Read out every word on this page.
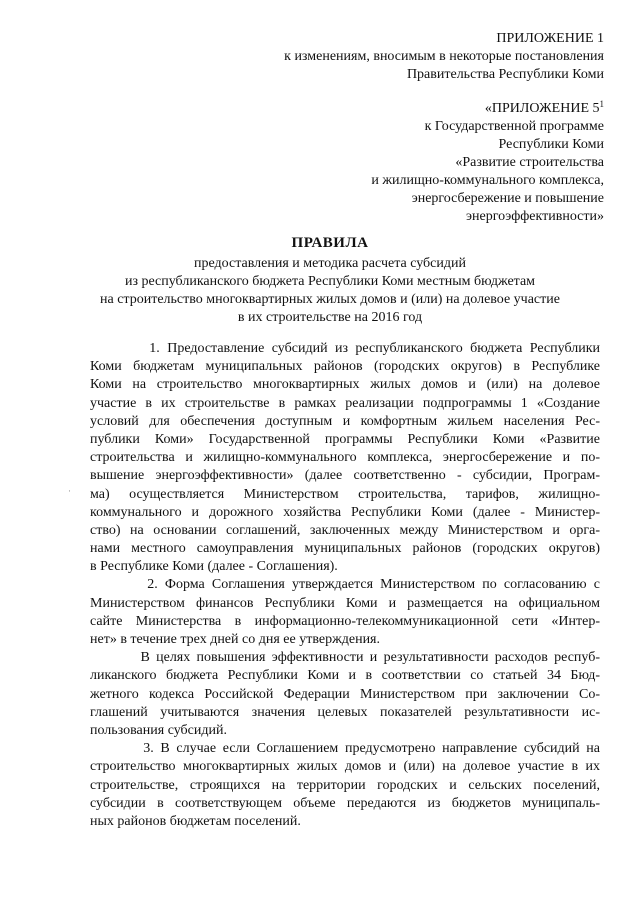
ПРИЛОЖЕНИЕ 1
к изменениям, вносимым в некоторые постановления
Правительства Республики Коми
«ПРИЛОЖЕНИЕ $5^1$
к Государственной программе
Республики Коми
«Развитие строительства
и жилищно-коммунального комплекса,
энергосбережение и повышение
энергоэффективности»
ПРАВИЛА
предоставления и методика расчета субсидий
из республиканского бюджета Республики Коми местным бюджетам
на строительство многоквартирных жилых домов и (или) на долевое участие
в их строительстве на 2016 год
·
1. Предоставление субсидий из республиканского бюджета Республики
Коми бюджетам муниципальных районов (городских округов) в Республике
Коми на строительство многоквартирных жилых домов и (или) на долевое
участие в их строительстве в рамках реализации подпрограммы 1 «Создание
условий для обеспечения доступным и комфортным жильем населения Рес-
публики Коми» Государственной программы Республики Коми «Развитие
строительства и жилищно-коммунального комплекса, энергосбережение и по-
вышение энергоэффективности» (далее соответственно - субсидии, Програм-
ма) осуществляется Министерством строительства, тарифов, жилищно-
коммунального и дорожного хозяйства Республики Коми (далее - Министер-
ство) на основании соглашений, заключенных между Министерством и орга-
нами местного самоуправления муниципальных районов (городских округов)
в Республике Коми (далее - Соглашения).
2. Форма Соглашения утверждается Министерством по согласованию с
Министерством финансов Республики Коми и размещается на официальном
сайте Министерства в информационно-телекоммуникационной сети «Интер-
нет» в течение трех дней со дня ее утверждения.
В целях повышения эффективности и результативности расходов респуб-
ликанского бюджета Республики Коми и в соответствии со статьей 34 Бюд-
жетного кодекса Российской Федерации Министерством при заключении Со-
глашений учитываются значения целевых показателей результативности ис-
пользования субсидий.
3. В случае если Соглашением предусмотрено направление субсидий на
строительство многоквартирных жилых домов и (или) на долевое участие в их
строительстве, строящихся на территории городских и сельских поселений,
субсидии в соответствующем объеме передаются из бюджетов муниципаль-
ных районов бюджетам поселений.
